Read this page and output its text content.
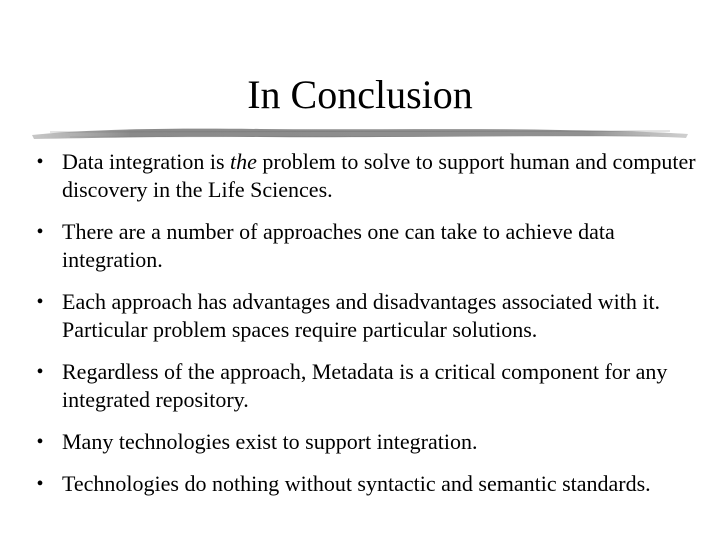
In Conclusion
• Data integration is the problem to solve to support human and computer discovery in the Life Sciences.
• There are a number of approaches one can take to achieve data integration.
• Each approach has advantages and disadvantages associated with it. Particular problem spaces require particular solutions.
• Regardless of the approach, Metadata is a critical component for any integrated repository.
• Many technologies exist to support integration.
• Technologies do nothing without syntactic and semantic standards.
